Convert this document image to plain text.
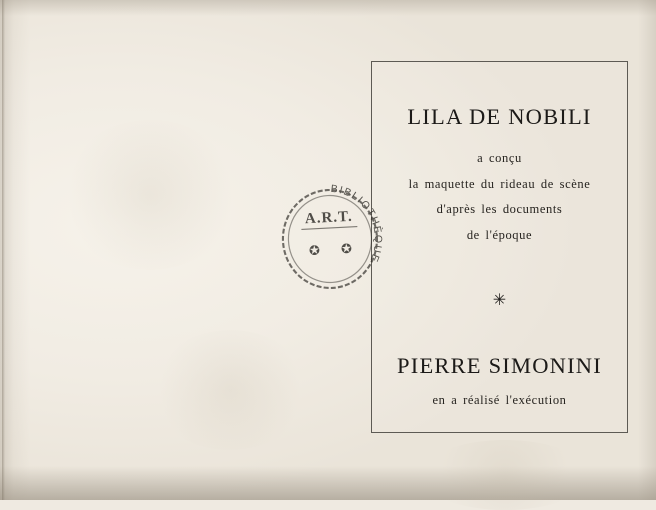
LILA DE NOBILI
a conçu
la maquette du rideau de scène
d'après les documents
de l'époque
✳
PIERRE SIMONINI
en a réalisé l'exécution
BIBLIOTHÈQUE
A.R.T.
✪ ✪
